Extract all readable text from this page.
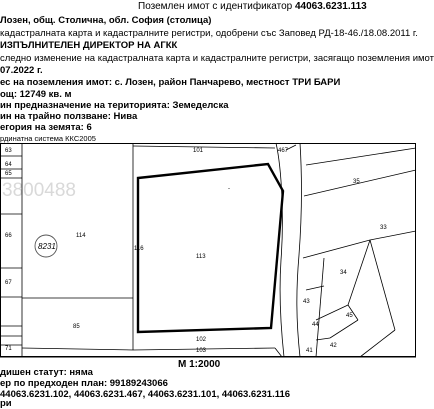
Поземлен имот с идентификатор 44063.6231.113
Лозен, общ. Столична, обл. София (столица)
кадастралната карта и кадастралните регистри, одобрени със Заповед РД-18-46./18.08.2011 г.
ИЗПЪЛНИТЕЛЕН ДИРЕКТОР НА АГКК
следно изменение на кадастралната карта и кадастралните регистри, засягащо поземления имот
07.2022 г.
ес на поземления имот: с. Лозен, район Панчарево, местност ТРИ БАРИ
ощ: 12749 кв. м
ин предназначение на територията: Земеделска
ин на трайно ползване: Нива
егория на земята: 6
рдинатна система ККС2005
3800488
63
64
65
66
67
101	467
114
116
113
85
102
103
71
35
33
34
43
44
45
42
41
-
8231
М 1:2000
дишен статут: няма
ер по предходен план: 99189243066
44063.6231.102, 44063.6231.467, 44063.6231.101, 44063.6231.116
ри
